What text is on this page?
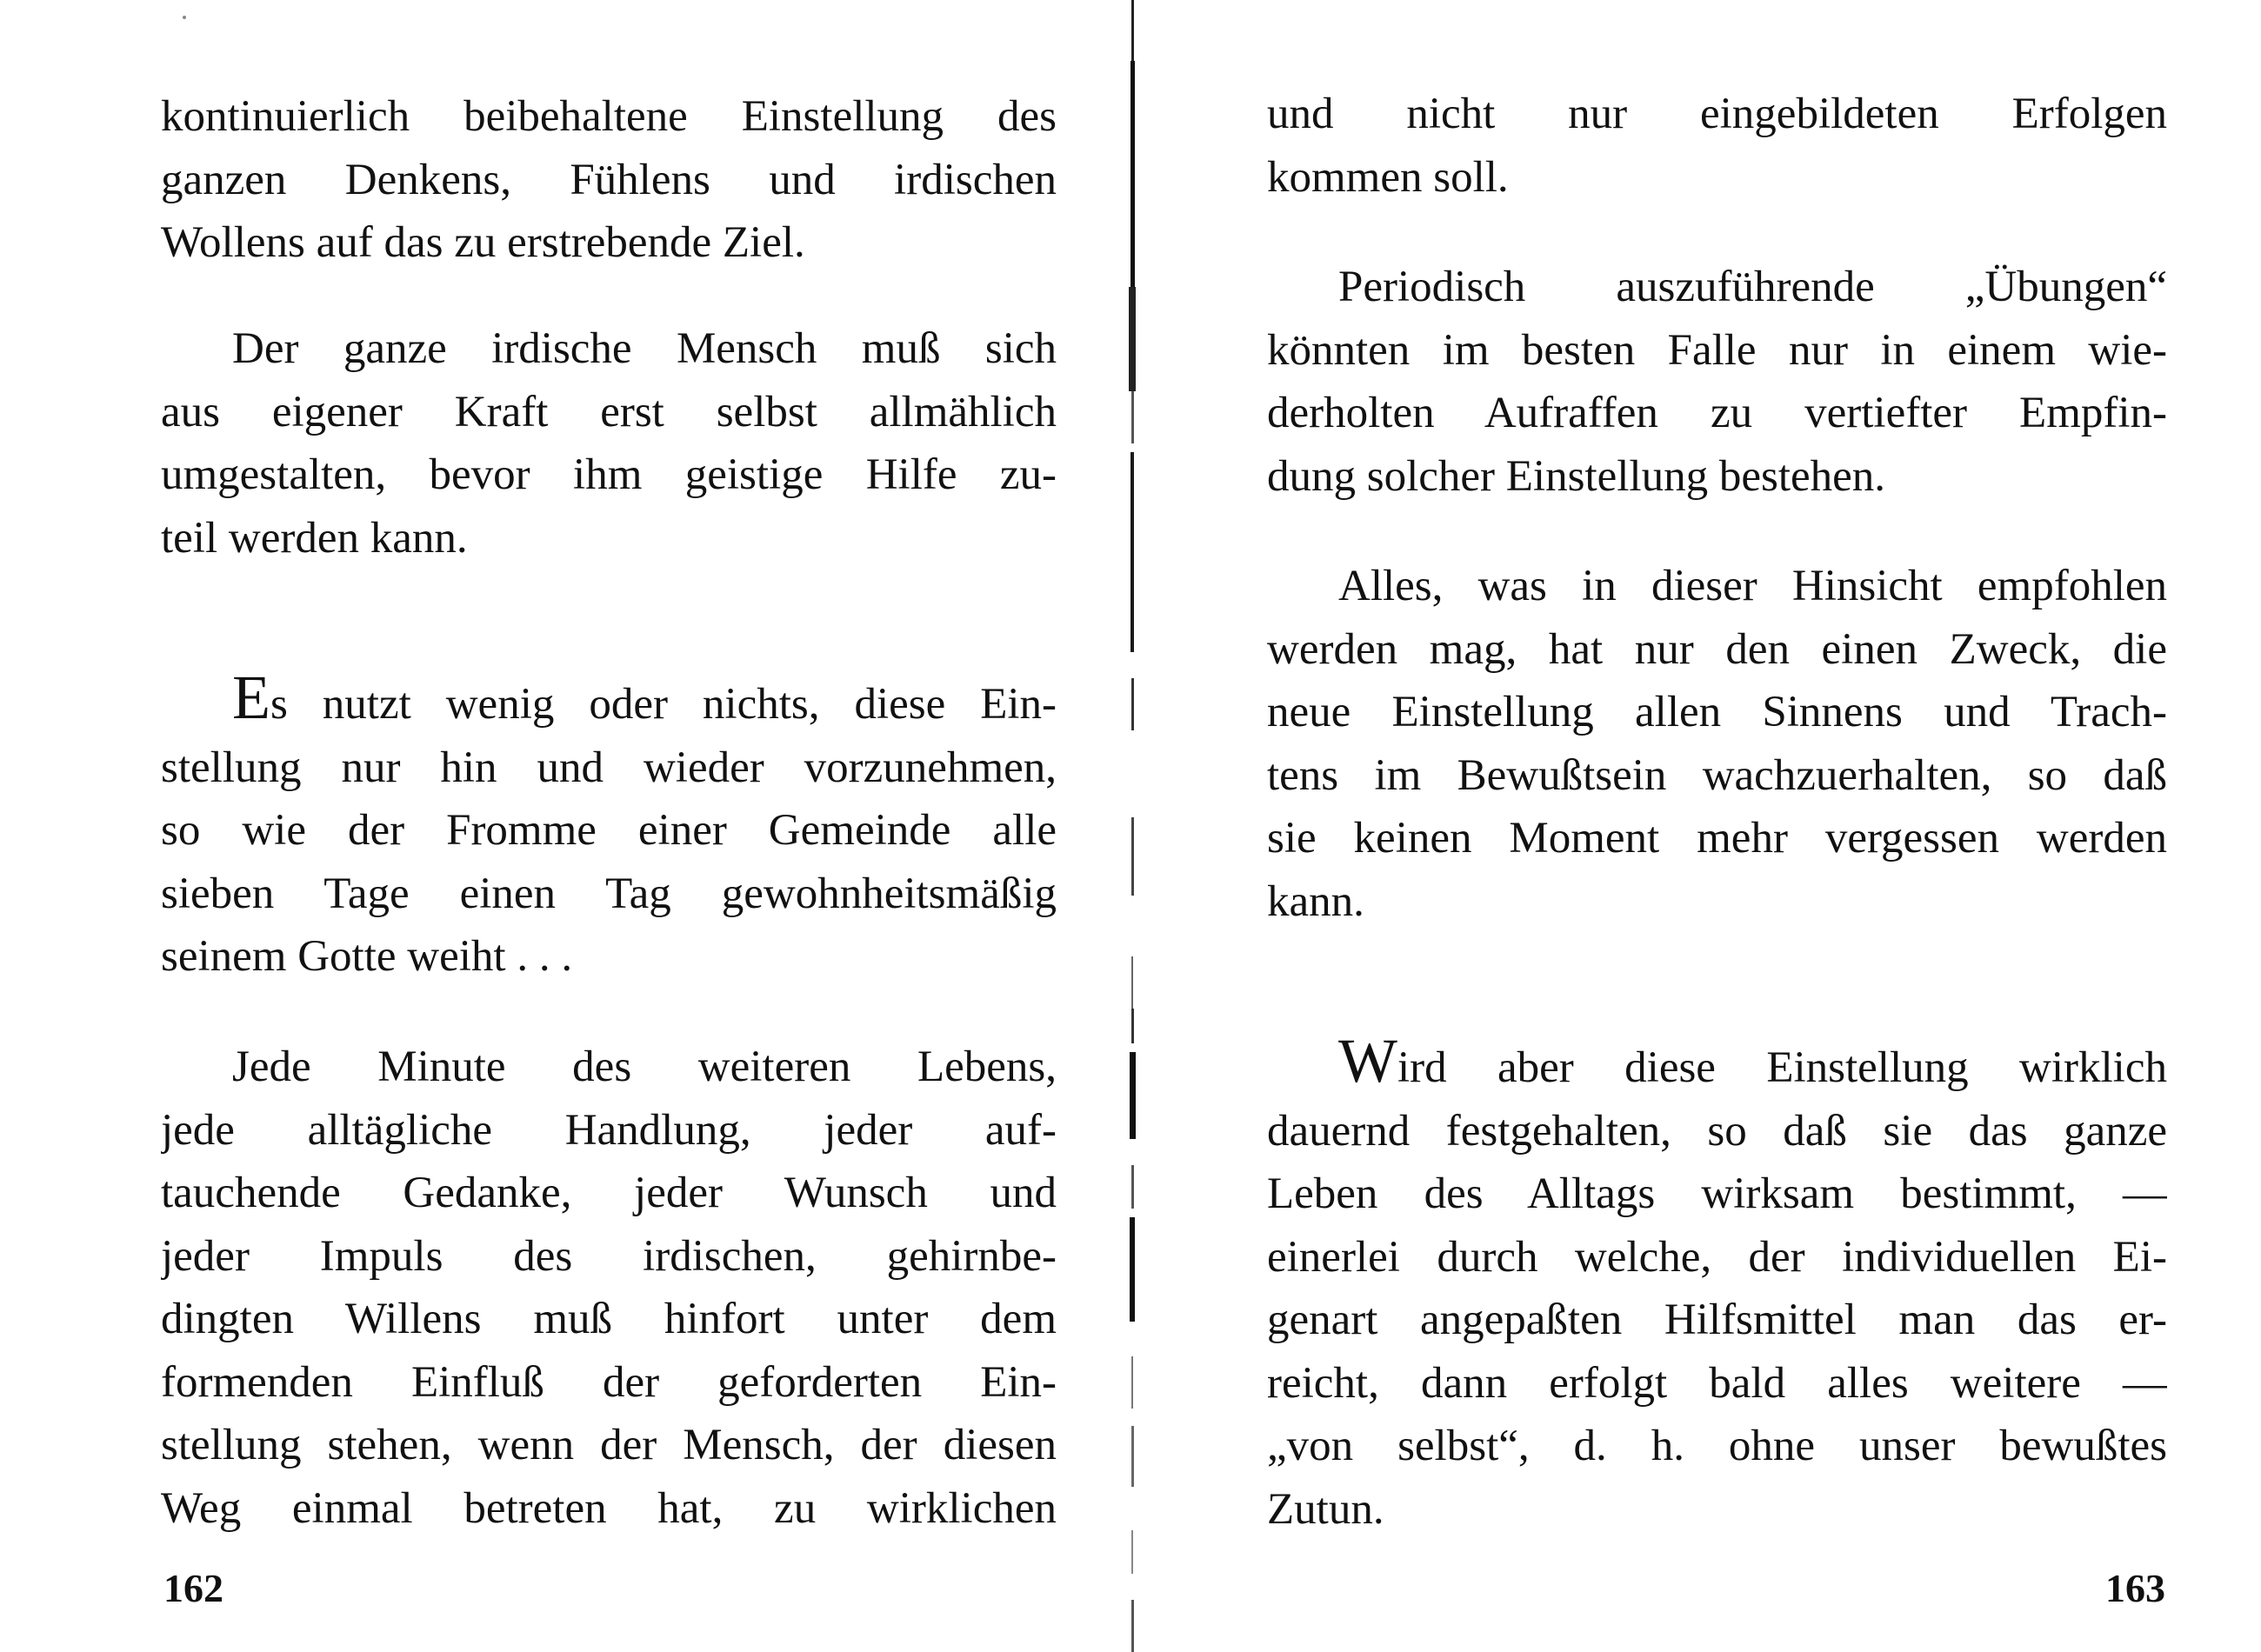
kontinuierlich beibehaltene Einstellung des
ganzen Denkens, Fühlens und irdischen
Wollens auf das zu erstrebende Ziel.
Der ganze irdische Mensch muß sich
aus eigener Kraft erst selbst allmählich
umgestalten, bevor ihm geistige Hilfe zu-
teil werden kann.
Es nutzt wenig oder nichts, diese Ein-
stellung nur hin und wieder vorzunehmen,
so wie der Fromme einer Gemeinde alle
sieben Tage einen Tag gewohnheitsmäßig
seinem Gotte weiht . . .
Jede Minute des weiteren Lebens,
jede alltägliche Handlung, jeder auf-
tauchende Gedanke, jeder Wunsch und
jeder Impuls des irdischen, gehirnbe-
dingten Willens muß hinfort unter dem
formenden Einfluß der geforderten Ein-
stellung stehen, wenn der Mensch, der diesen
Weg einmal betreten hat, zu wirklichen
162
und nicht nur eingebildeten Erfolgen
kommen soll.
Periodisch auszuführende „Übungen“
könnten im besten Falle nur in einem wie-
derholten Aufraffen zu vertiefter Empfin-
dung solcher Einstellung bestehen.
Alles, was in dieser Hinsicht empfohlen
werden mag, hat nur den einen Zweck, die
neue Einstellung allen Sinnens und Trach-
tens im Bewußtsein wachzuerhalten, so daß
sie keinen Moment mehr vergessen werden
kann.
Wird aber diese Einstellung wirklich
dauernd festgehalten, so daß sie das ganze
Leben des Alltags wirksam bestimmt, —
einerlei durch welche, der individuellen Ei-
genart angepaßten Hilfsmittel man das er-
reicht, dann erfolgt bald alles weitere —
„von selbst“, d. h. ohne unser bewußtes
Zutun.
163
